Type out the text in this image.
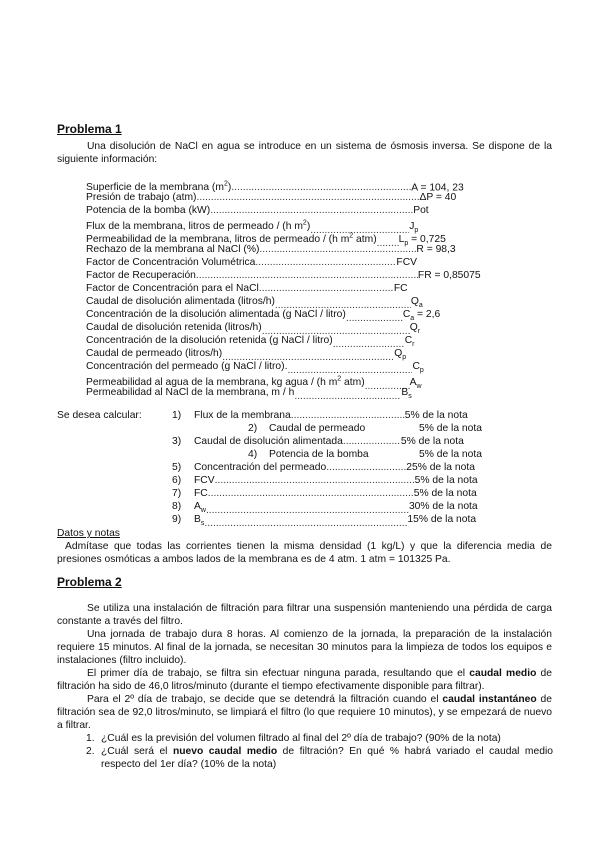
Problema 1
Una disolución de NaCl en agua se introduce en un sistema de ósmosis inversa. Se dispone de la siguiente información:
Superficie de la membrana $(m^2)$ .....	A = 104, 23
Presión de trabajo (atm) .....	ΔP = 40
Potencia de la bomba (kW) .....	Pot
Flux de la membrana, litros de permeado / (h $m^2$) .....	$J_p$
Permeabilidad de la membrana, litros de permeado / (h $m^2$ atm) ..... $L_p = 0,725$
Rechazo de la membrana al NaCl (%) .....	R = 98,3
Factor de Concentración Volumétrica .....	FCV
Factor de Recuperación .....	FR = 0,85075
Factor de Concentración para el NaCl .....	FC
Caudal de disolución alimentada (litros/h) .....	$Q_a$
Concentración de la disolución alimentada (g NaCl / litro) .....	$C_a = 2,6$
Caudal de disolución retenida (litros/h) .....	$Q_r$
Concentración de la disolución retenida (g NaCl / litro) .....	$C_r$
Caudal de permeado (litros/h) .....	$Q_p$
Concentración del permeado (g NaCl / litro). .....	$C_p$
Permeabilidad al agua de la membrana, kg agua / (h $m^2$ atm) .....	$A_w$
Permeabilidad al NaCl de la membrana, m / h .....	$B_s$
Se desea calcular:	1) Flux de la membrana .....	5% de la nota
2) Caudal de permeado	5% de la nota
3) Caudal de disolución alimentada .....	5% de la nota
4) Potencia de la bomba	5% de la nota
5) Concentración del permeado .....	25% de la nota
6) FCV .....	5% de la nota
7) FC .....	5% de la nota
8) $A_w$ .....	30% de la nota
9) $B_s$ .....	15% de la nota
Datos y notas
Admítase que todas las corrientes tienen la misma densidad (1 kg/L) y que la diferencia media de presiones osmóticas a ambos lados de la membrana es de 4 atm. 1 atm = 101325 Pa.
Problema 2
Se utiliza una instalación de filtración para filtrar una suspensión manteniendo una pérdida de carga constante a través del filtro.
Una jornada de trabajo dura 8 horas. Al comienzo de la jornada, la preparación de la instalación requiere 15 minutos. Al final de la jornada, se necesitan 30 minutos para la limpieza de todos los equipos e instalaciones (filtro incluido).
El primer día de trabajo, se filtra sin efectuar ninguna parada, resultando que el caudal medio de filtración ha sido de 46,0 litros/minuto (durante el tiempo efectivamente disponible para filtrar).
Para el 2º día de trabajo, se decide que se detendrá la filtración cuando el caudal instantáneo de filtración sea de 92,0 litros/minuto, se limpiará el filtro (lo que requiere 10 minutos), y se empezará de nuevo a filtrar.
1. ¿Cuál es la previsión del volumen filtrado al final del 2º día de trabajo? (90% de la nota)
2. ¿Cuál será el nuevo caudal medio de filtración? En qué % habrá variado el caudal medio respecto del 1er día? (10% de la nota)
